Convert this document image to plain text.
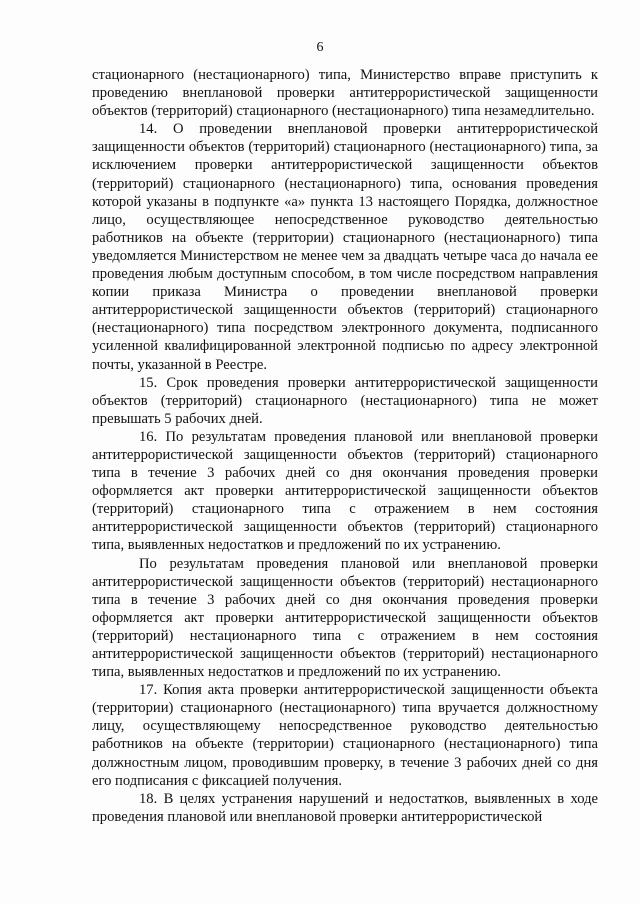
6

стационарного (нестационарного) типа, Министерство вправе приступить к проведению внеплановой проверки антитеррористической защищенности объектов (территорий) стационарного (нестационарного) типа незамедлительно.

14. О проведении внеплановой проверки антитеррористической защищенности объектов (территорий) стационарного (нестационарного) типа, за исключением проверки антитеррористической защищенности объектов (территорий) стационарного (нестационарного) типа, основания проведения которой указаны в подпункте «а» пункта 13 настоящего Порядка, должностное лицо, осуществляющее непосредственное руководство деятельностью работников на объекте (территории) стационарного (нестационарного) типа уведомляется Министерством не менее чем за двадцать четыре часа до начала ее проведения любым доступным способом, в том числе посредством направления копии приказа Министра о проведении внеплановой проверки антитеррористической защищенности объектов (территорий) стационарного (нестационарного) типа посредством электронного документа, подписанного усиленной квалифицированной электронной подписью по адресу электронной почты, указанной в Реестре.

15. Срок проведения проверки антитеррористической защищенности объектов (территорий) стационарного (нестационарного) типа не может превышать 5 рабочих дней.

16. По результатам проведения плановой или внеплановой проверки антитеррористической защищенности объектов (территорий) стационарного типа в течение 3 рабочих дней со дня окончания проведения проверки оформляется акт проверки антитеррористической защищенности объектов (территорий) стационарного типа с отражением в нем состояния антитеррористической защищенности объектов (территорий) стационарного типа, выявленных недостатков и предложений по их устранению.

По результатам проведения плановой или внеплановой проверки антитеррористической защищенности объектов (территорий) нестационарного типа в течение 3 рабочих дней со дня окончания проведения проверки оформляется акт проверки антитеррористической защищенности объектов (территорий) нестационарного типа с отражением в нем состояния антитеррористической защищенности объектов (территорий) нестационарного типа, выявленных недостатков и предложений по их устранению.

17. Копия акта проверки антитеррористической защищенности объекта (территории) стационарного (нестационарного) типа вручается должностному лицу, осуществляющему непосредственное руководство деятельностью работников на объекте (территории) стационарного (нестационарного) типа должностным лицом, проводившим проверку, в течение 3 рабочих дней со дня его подписания с фиксацией получения.

18. В целях устранения нарушений и недостатков, выявленных в ходе проведения плановой или внеплановой проверки антитеррористической
